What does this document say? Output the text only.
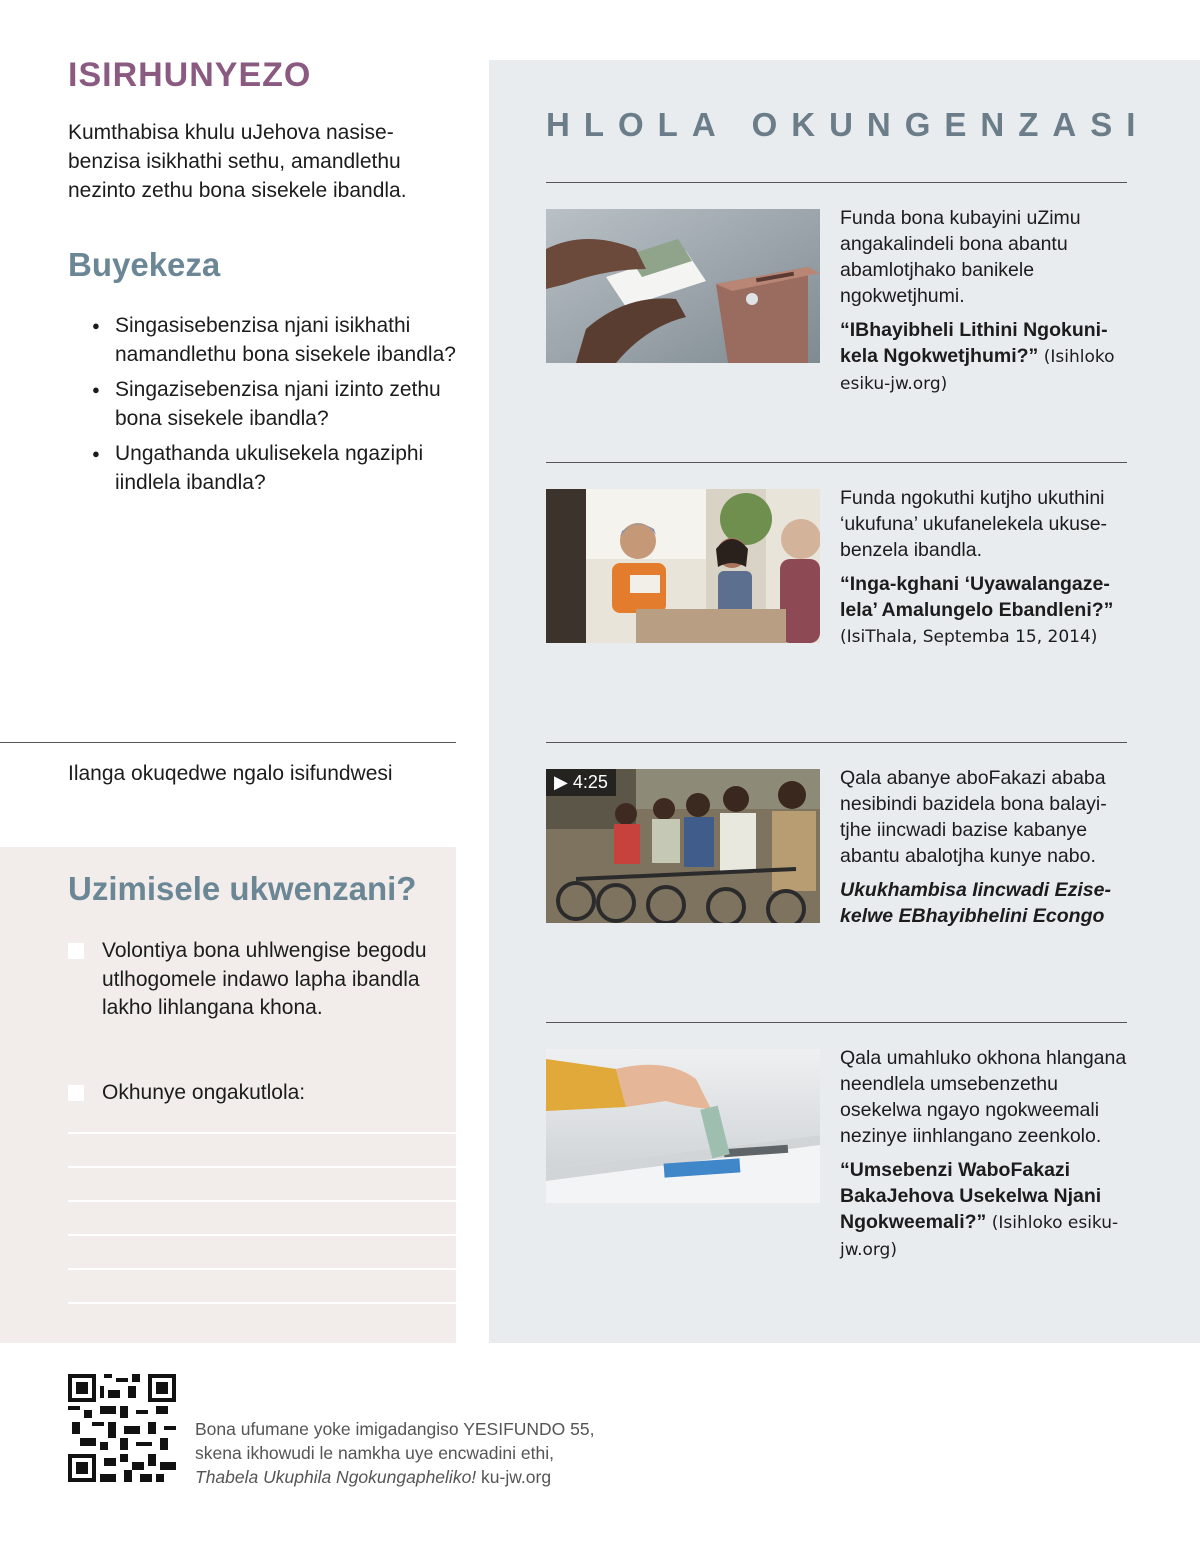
ISIRHUNYEZO
Kumthabisa khulu uJehova nasisebenzisa isikhathi sethu, amandlethu nezinto zethu bona sisekele ibandla.
Buyekeza
● Singasisebenzisa njani isikhathi namandlethu bona sisekele ibandla?
● Singazisebenzisa njani izinto zethu bona sisekele ibandla?
● Ungathanda ukulisekela ngaziphi iindlela ibandla?
Ilanga okuqedwe ngalo isifundwesi
Uzimisele ukwenzani?
Volontiya bona uhlwengise begodu utlhogomele indawo lapha ibandla lakho lihlangana khona.
Okhunye ongakutlola:
HLOLA OKUNGENZASI
Funda bona kubayini uZimu angakalindeli bona abantu abamlotjhako banikele ngokwetjhumi.
“IBhayibheli Lithini Ngokunikela Ngokwetjhumi?” (Isihloko esiku-jw.org)
Funda ngokuthi kutjho ukuthini ‘ukufuna’ ukufanelekela ukusebenzela ibandla.
“Inga-kghani ‘Uyawalangazelela’ Amalungelo Ebandleni?”
(IsiThala, Septemba 15, 2014)
▶ 4:25	Qala abanye aboFakazi ababa nesibindi bazidela bona balayitjhe iincwadi bazise kabanye abantu abalotjha kunye nabo.
Ukukhambisa Iincwadi Ezisekelwe EBhayibhelini Econgo
Qala umahluko okhona hlangana neendlela umsebenzethu osekelwa ngayo ngokweemali nezinye iinhlangano zeenkolo.
“Umsebenzi WaboFakazi BakaJehova Usekelwa Njani Ngokweemali?” (Isihloko esiku-jw.org)
Bona ufumane yoke imigadangiso YESIFUNDO 55,
skena ikhowudi le namkha uye encwadini ethi,
Thabela Ukuphila Ngokungapheliko! ku-jw.org
